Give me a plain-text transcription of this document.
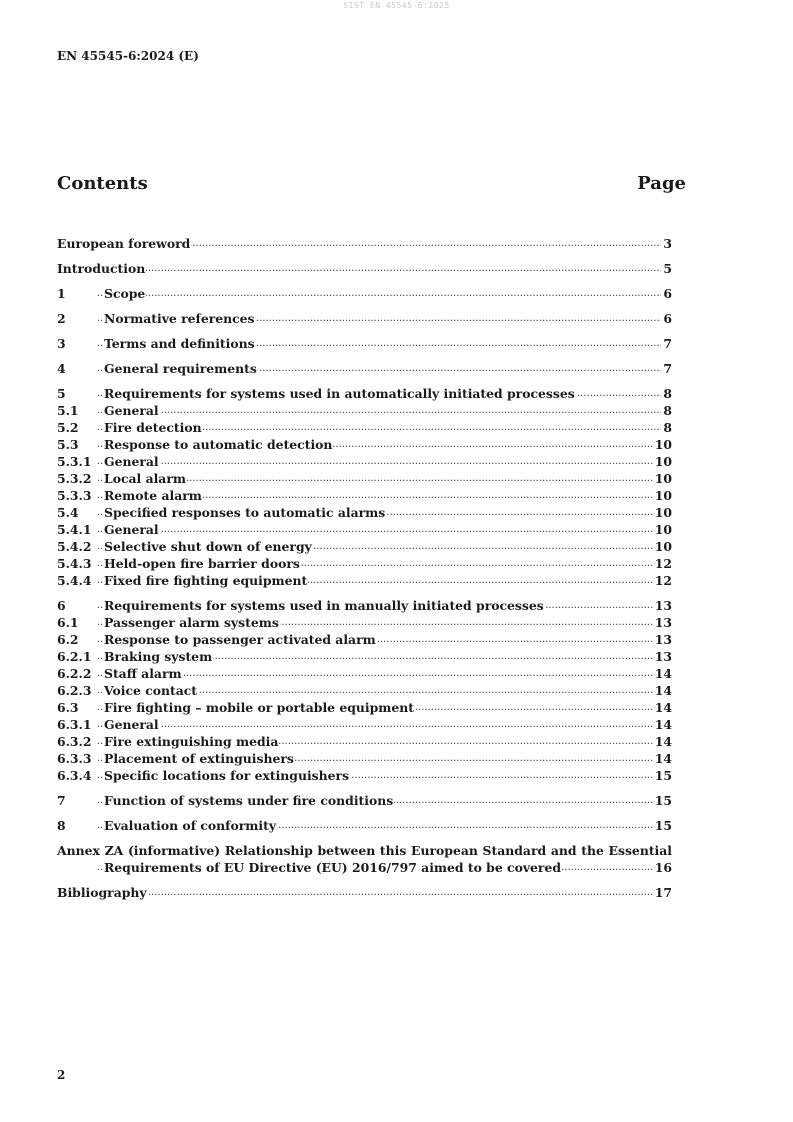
SIST EN 45545-6:2025
EN 45545-6:2024 (E)
Contents	Page
European foreword .....	3
Introduction .....	5
1	Scope .....	6
2	Normative references .....	6
3	Terms and definitions .....	7
4	General requirements .....	7
5	Requirements for systems used in automatically initiated processes .....	8
5.1 General .....	8
5.2 Fire detection .....	8
5.3 Response to automatic detection .....	10
5.3.1 General .....	10
5.3.2 Local alarm .....	10
5.3.3 Remote alarm .....	10
5.4 Specified responses to automatic alarms .....	10
5.4.1 General .....	10
5.4.2 Selective shut down of energy .....	10
5.4.3 Held-open fire barrier doors .....	12
5.4.4 Fixed fire fighting equipment .....	12
6	Requirements for systems used in manually initiated processes .....	13
6.1 Passenger alarm systems .....	13
6.2 Response to passenger activated alarm .....	13
6.2.1 Braking system .....	13
6.2.2 Staff alarm .....	14
6.2.3 Voice contact .....	14
6.3 Fire fighting – mobile or portable equipment .....	14
6.3.1 General .....	14
6.3.2 Fire extinguishing media .....	14
6.3.3 Placement of extinguishers .....	14
6.3.4 Specific locations for extinguishers .....	15
7	Function of systems under fire conditions .....	15
8	Evaluation of conformity .....	15
Annex ZA (informative) Relationship between this European Standard and the Essential
Requirements of EU Directive (EU) 2016/797 aimed to be covered .....	16
Bibliography .....	17
2
